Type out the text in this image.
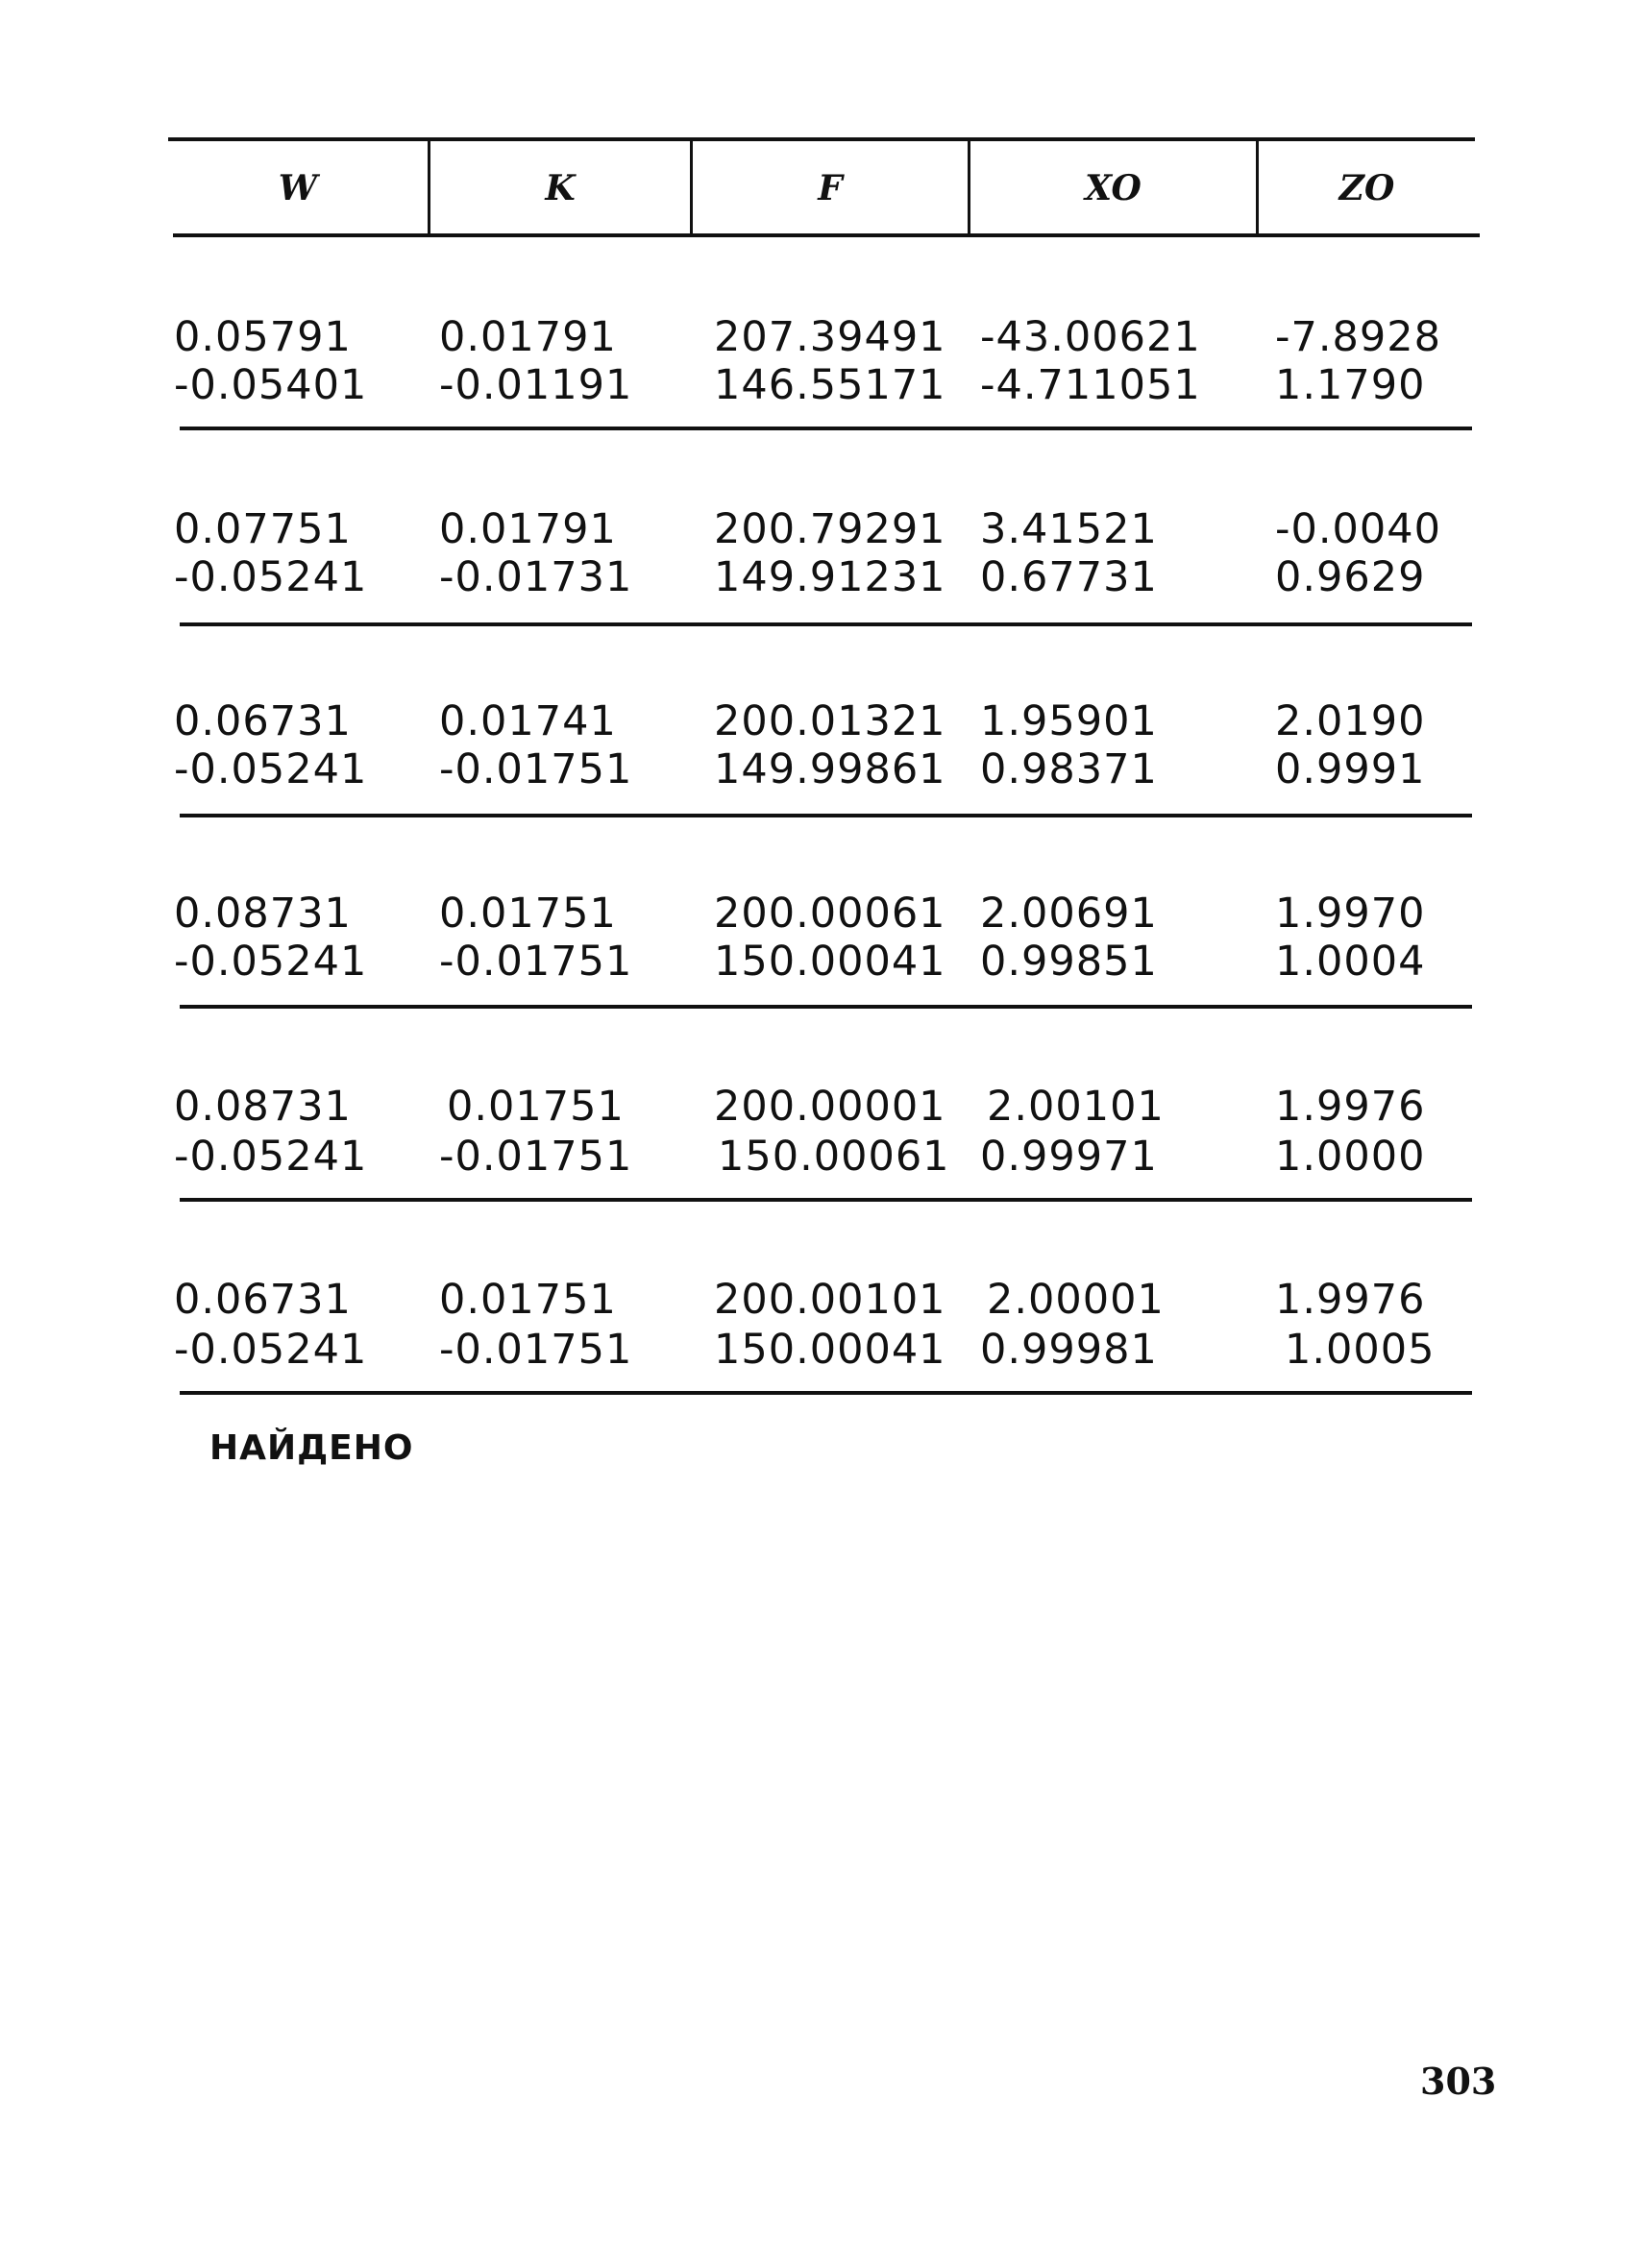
W	K	F	XO	ZO
0.05791 0.01791 207.39491 -43.00621 -7.8928
-0.05401 -0.01191 146.55171 -4.711051 1.1790
0.07751 0.01791 200.79291 3.41521	-0.0040
-0.05241 -0.01731 149.91231 0.67731	0.9629
0.06731 0.01741 200.01321 1.95901	2.0190
-0.05241 -0.01751 149.99861 0.98371	0.9991
0.08731 0.01751 200.00061 2.00691	1.9970
-0.05241 -0.01751 150.00041 0.99851	1.0004
0.08731 0.01751 200.00001 2.00101	1.9976
-0.05241 -0.01751 150.00061 0.99971	1.0000
0.06731 0.01751 200.00101 2.00001	1.9976
-0.05241 -0.01751 150.00041 0.99981	1.0005
НАЙДЕНО
303
